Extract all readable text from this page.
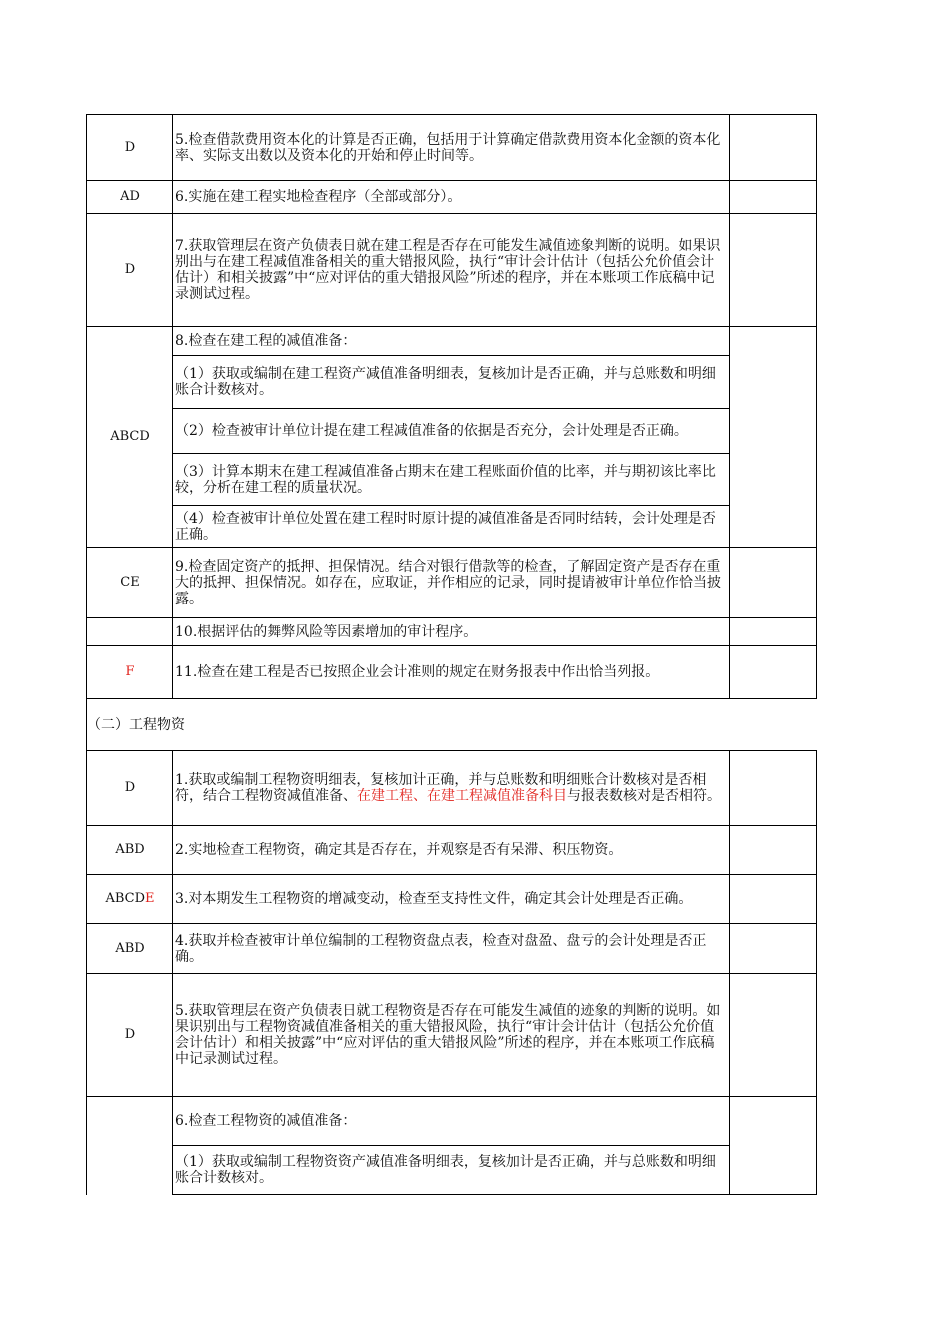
D	5.检查借款费用资本化的计算是否正确，包括用于计算确定借款费用资本化金额的资本化率、实际支出数以及资本化的开始和停止时间等。	
AD	6.实施在建工程实地检查程序（全部或部分）。	
D	7.获取管理层在资产负债表日就在建工程是否存在可能发生减值迹象判断的说明。如果识别出与在建工程减值准备相关的重大错报风险，执行“审计会计估计（包括公允价值会计估计）和相关披露”中“应对评估的重大错报风险”所述的程序，并在本账项工作底稿中记录测试过程。	
ABCD	8.检查在建工程的减值准备：	
	（1）获取或编制在建工程资产减值准备明细表，复核加计是否正确，并与总账数和明细账合计数核对。	
	（2）检查被审计单位计提在建工程减值准备的依据是否充分，会计处理是否正确。	
	（3）计算本期末在建工程减值准备占期末在建工程账面价值的比率，并与期初该比率比较，分析在建工程的质量状况。	
	（4）检查被审计单位处置在建工程时时原计提的减值准备是否同时结转，会计处理是否正确。	
CE	9.检查固定资产的抵押、担保情况。结合对银行借款等的检查，了解固定资产是否存在重大的抵押、担保情况。如存在，应取证，并作相应的记录，同时提请被审计单位作恰当披露。	
	10.根据评估的舞弊风险等因素增加的审计程序。	
F	11.检查在建工程是否已按照企业会计准则的规定在财务报表中作出恰当列报。	
（二）工程物资		
D	1.获取或编制工程物资明细表，复核加计正确，并与总账数和明细账合计数核对是否相符，结合工程物资减值准备、在建工程、在建工程减值准备科目与报表数核对是否相符。	
ABD	2.实地检查工程物资，确定其是否存在，并观察是否有呆滞、积压物资。	
ABCDE	3.对本期发生工程物资的增减变动，检查至支持性文件，确定其会计处理是否正确。	
ABD	4.获取并检查被审计单位编制的工程物资盘点表，检查对盘盈、盘亏的会计处理是否正确。	
D	5.获取管理层在资产负债表日就工程物资是否存在可能发生减值的迹象的判断的说明。如果识别出与工程物资减值准备相关的重大错报风险，执行“审计会计估计（包括公允价值会计估计）和相关披露”中“应对评估的重大错报风险”所述的程序，并在本账项工作底稿中记录测试过程。	
	6.检查工程物资的减值准备：	
	（1）获取或编制工程物资资产减值准备明细表，复核加计是否正确，并与总账数和明细账合计数核对。	
